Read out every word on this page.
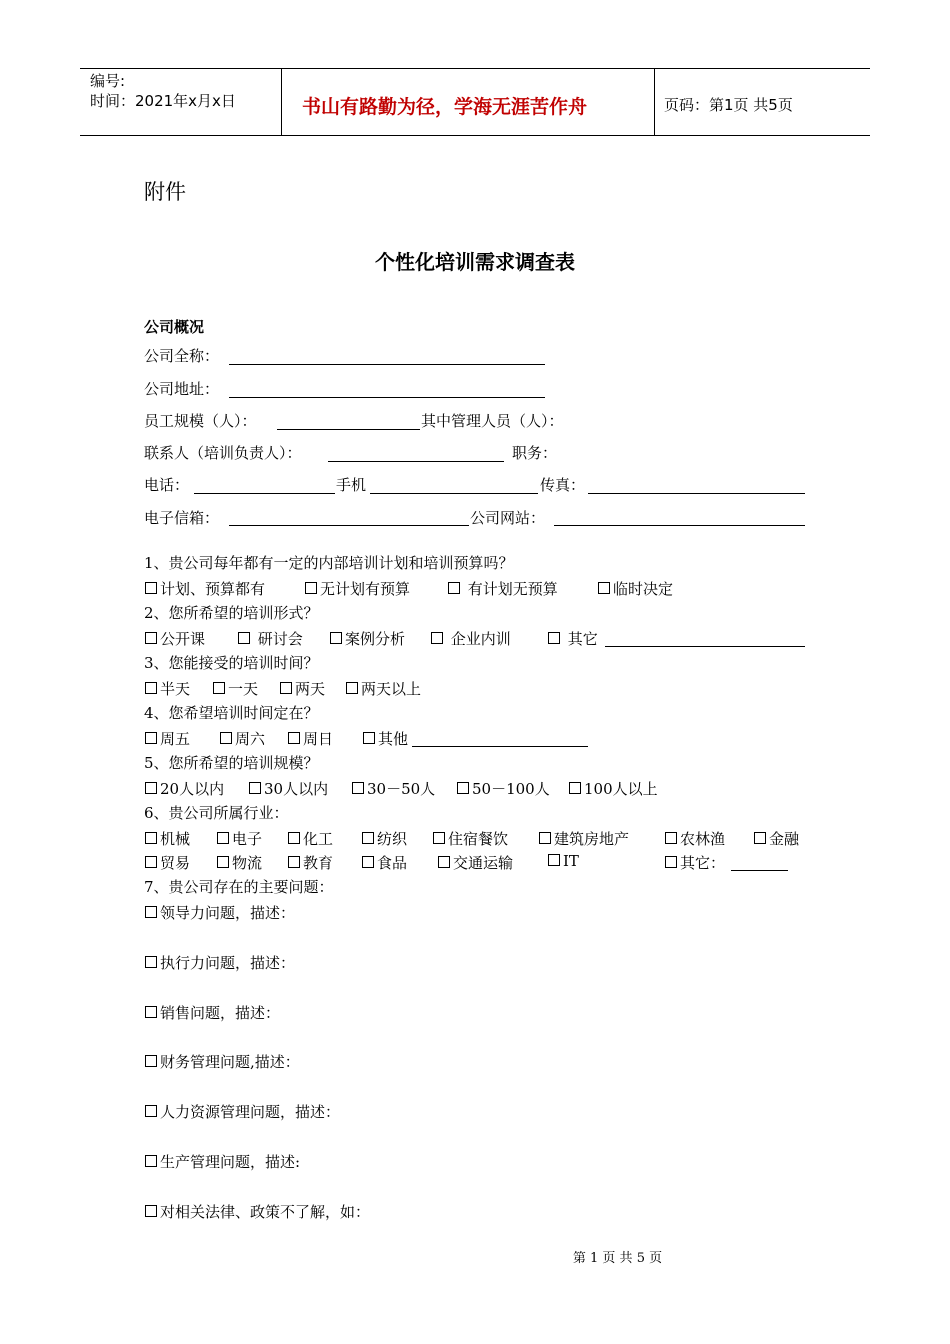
编号:
时间：2021年x月x日	书山有路勤为径，学海无涯苦作舟	页码：第1页 共5页
附件
个性化培训需求调查表
公司概况
公司全称：
公司地址：
员工规模（人）：	其中管理人员（人）：
联系人（培训负责人）：	职务：
电话：	手机	传真：
电子信箱：	公司网站：
1、贵公司每年都有一定的内部培训计划和培训预算吗？
计划、预算都有	无计划有预算	有计划无预算	临时决定
2、您所希望的培训形式？
公开课	研讨会	案例分析	企业内训	其它
3、您能接受的培训时间？
半天	一天	两天	两天以上
4、您希望培训时间定在？
周五	周六	周日	其他
5、您所希望的培训规模？
20人以内	30人以内	30－50人	50－100人	100人以上
6、贵公司所属行业：
机械	电子	化工	纺织	住宿餐饮	建筑房地产	农林渔	金融
贸易	物流	教育	食品	交通运输	IT	其它：
7、贵公司存在的主要问题：
领导力问题，描述：
执行力问题，描述：
销售问题，描述：
财务管理问题,描述：
人力资源管理问题，描述：
生产管理问题，描述:
对相关法律、政策不了解，如：
第 1 页 共 5 页
